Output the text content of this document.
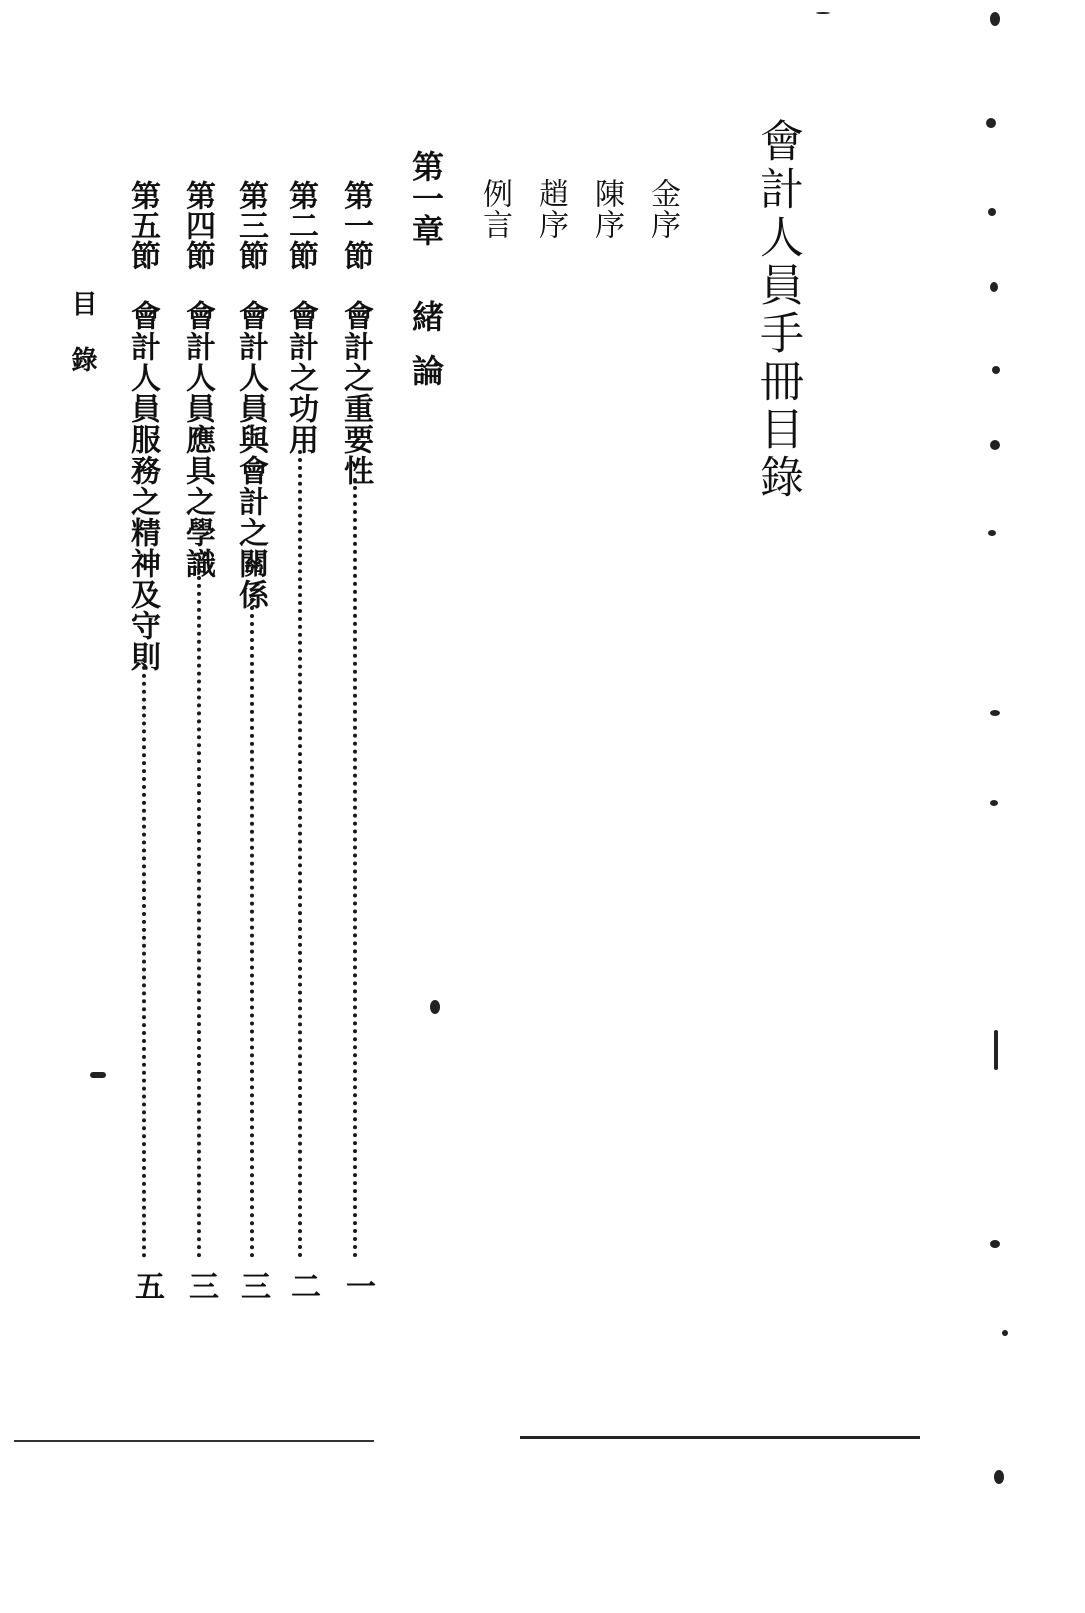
會計人員手冊目錄
金序
陳序
趙序
例言
第一章
緒論
第一節
會計之重要性
一
第二節
會計之功用
二
第三節
會計人員與會計之關係
三
第四節
會計人員應具之學識
三
第五節
會計人員服務之精神及守則
五
目錄
